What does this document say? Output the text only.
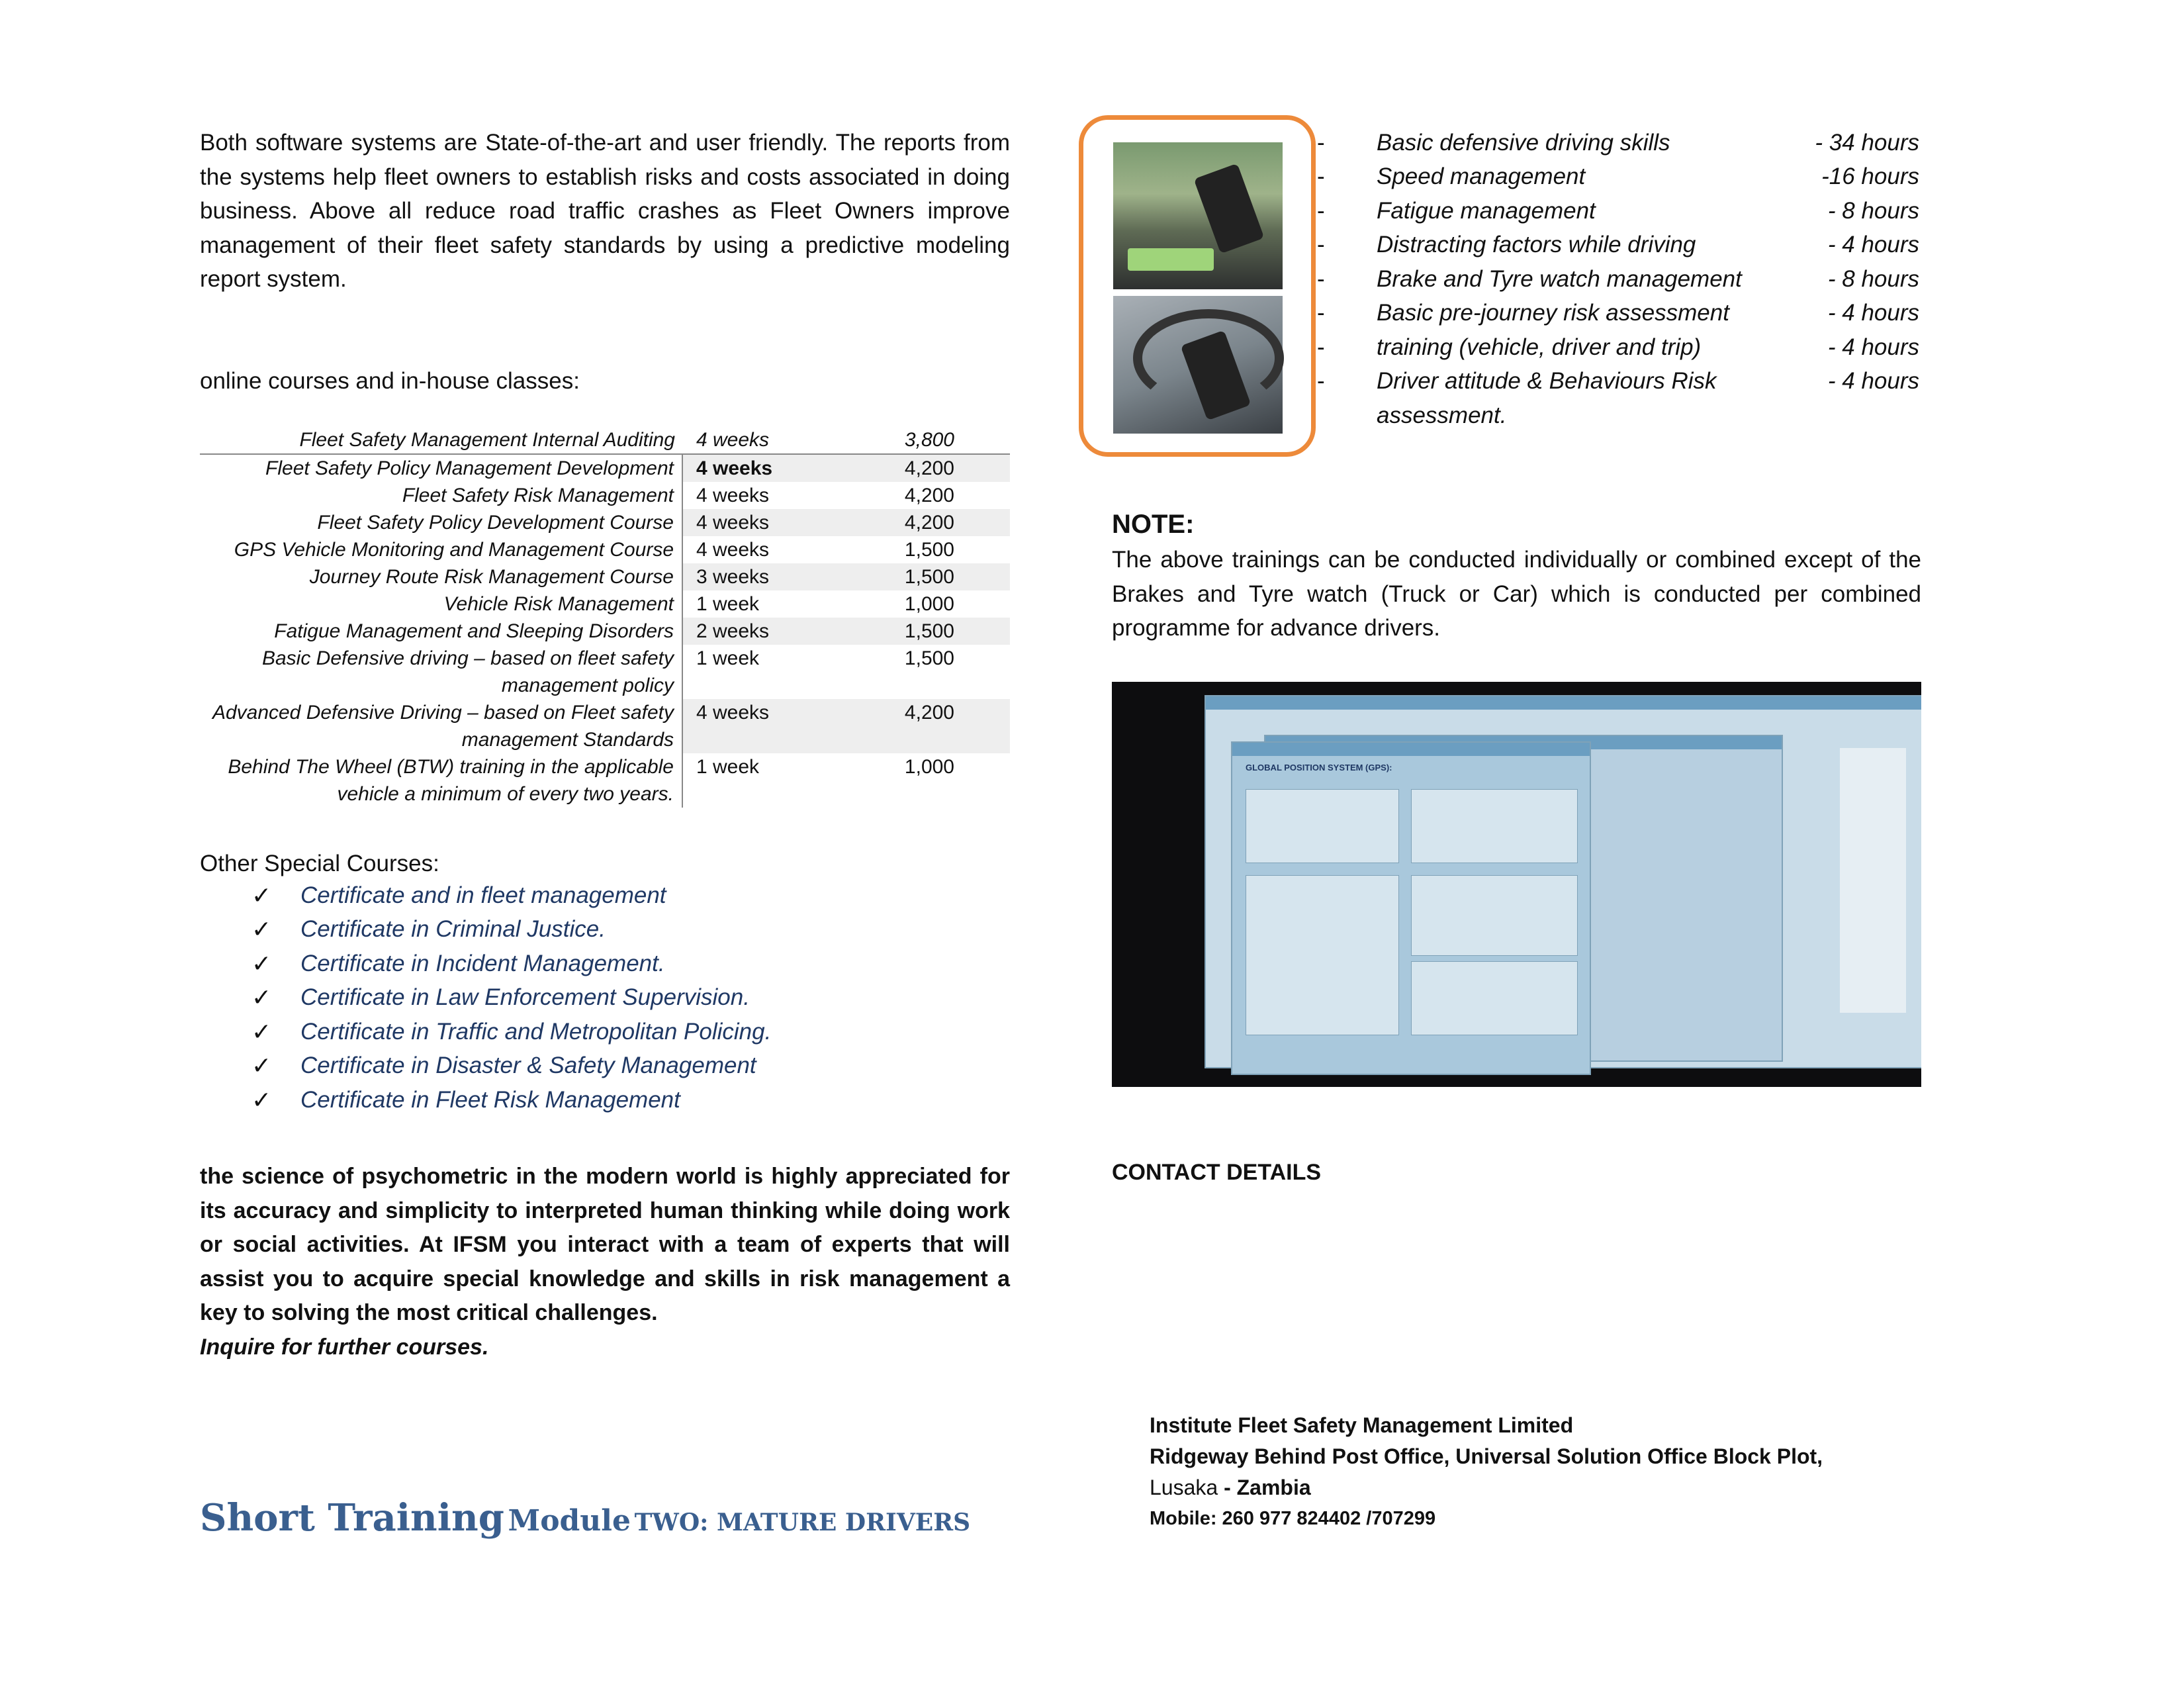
Both software systems are State-of-the-art and user friendly. The reports from the systems help fleet owners to establish risks and costs associated in doing business. Above all reduce road traffic crashes as Fleet Owners improve management of their fleet safety standards by using a predictive modeling report system.
online courses and in-house classes:
Fleet Safety Management Internal Auditing	4 weeks	3,800
Fleet Safety Policy Management Development	4 weeks	4,200
Fleet Safety Risk Management	4 weeks	4,200
Fleet Safety Policy Development Course	4 weeks	4,200
GPS Vehicle Monitoring and Management Course	4 weeks	1,500
Journey Route Risk Management Course	3 weeks	1,500
Vehicle Risk Management	1 week	1,000
Fatigue Management and Sleeping Disorders	2 weeks	1,500
Basic Defensive driving – based on fleet safety
management policy
1 week	1,500
Advanced Defensive Driving – based on Fleet safety
management Standards
4 weeks	4,200
Behind The Wheel (BTW) training in the applicable
vehicle a minimum of every two years.
1 week	1,000
Other Special Courses:
✓	Certificate and in fleet management
✓	Certificate in Criminal Justice.
✓	Certificate in Incident Management.
✓	Certificate in Law Enforcement Supervision.
✓	Certificate in Traffic and Metropolitan Policing.
✓	Certificate in Disaster & Safety Management
✓	Certificate in Fleet Risk Management
the science of psychometric in the modern world is highly appreciated for its accuracy and simplicity to interpreted human thinking while doing work or social activities. At IFSM you interact with a team of experts that will assist you to acquire special knowledge and skills in risk management a key to solving the most critical challenges.
Inquire for further courses.
Short Training Module TWO: MATURE DRIVERS
-	Basic defensive driving skills	- 34 hours
-	Speed management	-16 hours
-	Fatigue management	- 8 hours
-	Distracting factors while driving	- 4 hours
-	Brake and Tyre watch management	- 8 hours
-	Basic pre-journey risk assessment	- 4 hours
-	training (vehicle, driver and trip)	- 4 hours
-	Driver attitude & Behaviours Risk	- 4 hours
assessment.
NOTE:
The above trainings can be conducted individually or combined except of the Brakes and Tyre watch (Truck or Car) which is conducted per combined programme for advance drivers.
GLOBAL POSITION SYSTEM (GPS):
CONTACT DETAILS
Institute Fleet Safety Management Limited
Ridgeway Behind Post Office, Universal Solution Office Block Plot,
Lusaka - Zambia
Mobile: 260 977 824402 /707299
